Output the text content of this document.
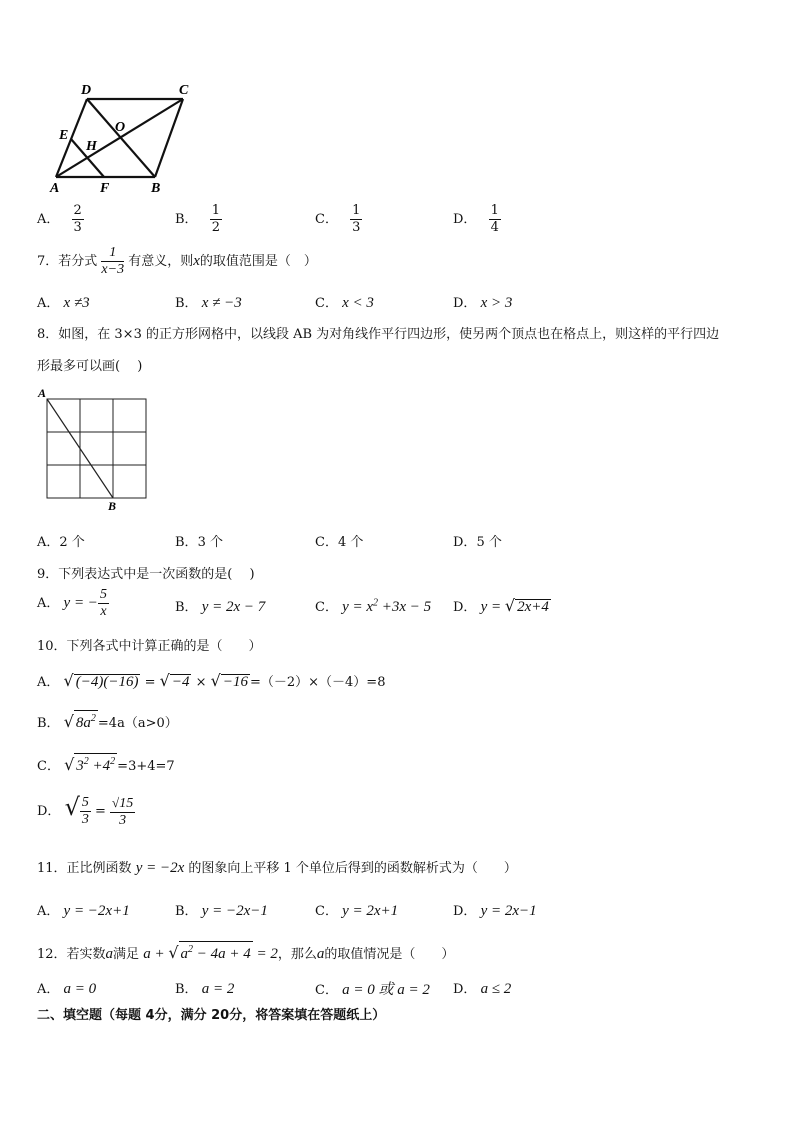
D	C
O
E
H
A	F	B
A． $\frac{2}{3}$	B． $\frac{1}{2}$	C． $\frac{1}{3}$	D． $\frac{1}{4}$
7．若分式 $\frac{1}{x-3}$ 有意义，则x的取值范围是（　）
A． x ≠3	B． x ≠ −3	C． x < 3	D． x > 3
8．如图，在 3×3 的正方形网格中，以线段 AB 为对角线作平行四边形，使另两个顶点也在格点上，则这样的平行四边
形最多可以画(　 )
A
B
A．2 个	B．3 个	C．4 个	D．5 个
9．下列表达式中是一次函数的是(　 )
A． y = − $\frac{5}{x}$	B． y = 2x − 7	C． $y = x^2 +3x - 5$ D． y = √ 2x+4
10．下列各式中计算正确的是（　　）
A． √ (−4)(−16) = √ −4 × √ −16 =（－2）×（－4）=8
B． √ $8a^2 =4a(a>0)$
C． √ $3^2 +4^2 =3+4=7$
D． √ $\frac{5}{3} = \frac{√15}{3}$
11．正比例函数 y = −2x 的图象向上平移 1 个单位后得到的函数解析式为（　　）
A． y = −2x+1	B． y = −2x−1	C． y = 2x+1	D． y = 2x−1
12．若实数a满足 a + √ $a^2 - 4a + 4 = 2$，那么a的取值情况是（　　）
A． a = 0	B． a = 2	C． a = 0 或 a = 2 D． a ≤ 2
二、填空题（每题 4分，满分 20分，将答案填在答题纸上）
